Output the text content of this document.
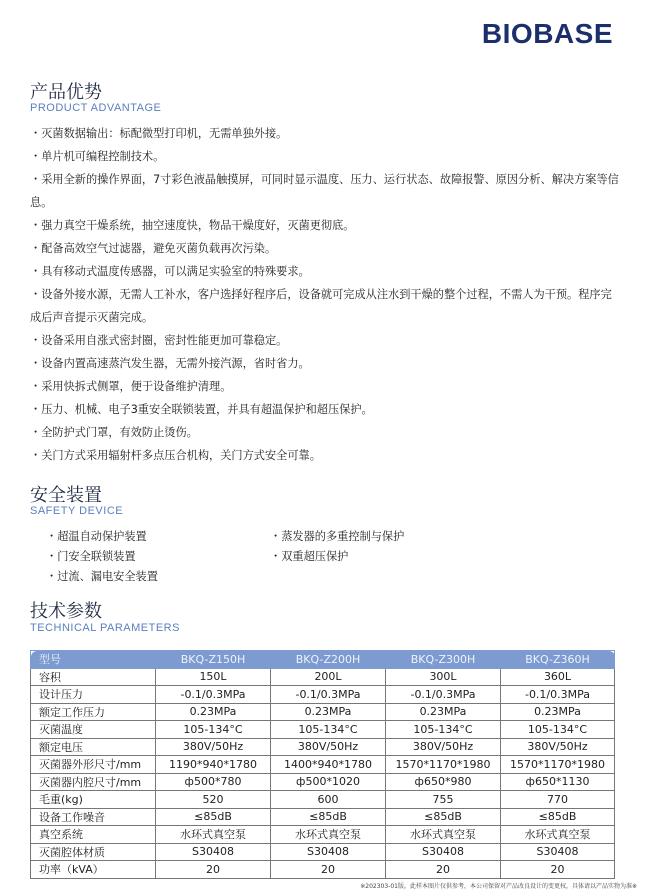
BIOBASE
产品优势
PRODUCT ADVANTAGE

・灭菌数据输出：标配微型打印机，无需单独外接。

・单片机可编程控制技术。

・采用全新的操作界面，7寸彩色液晶触摸屏，可同时显示温度、压力、运行状态、故障报警、原因分析、解决方案等信息。

・强力真空干燥系统，抽空速度快，物品干燥度好，灭菌更彻底。

・配备高效空气过滤器，避免灭菌负载再次污染。

・具有移动式温度传感器，可以满足实验室的特殊要求。

・设备外接水源，无需人工补水，客户选择好程序后，设备就可完成从注水到干燥的整个过程，不需人为干预。程序完成后声音提示灭菌完成。

・设备采用自涨式密封圈，密封性能更加可靠稳定。

・设备内置高速蒸汽发生器，无需外接汽源，省时省力。

・采用快拆式侧罩，便于设备维护清理。

・压力、机械、电子3重安全联锁装置，并具有超温保护和超压保护。

・全防护式门罩，有效防止烫伤。

・关门方式采用辐射杆多点压合机构，关门方式安全可靠。

安全装置
SAFETY DEVICE
・超温自动保护装置
・门安全联锁装置
・过流、漏电安全装置
・蒸发器的多重控制与保护
・双重超压保护
技术参数
TECHNICAL PARAMETERS
型号	BKQ-Z150H	BKQ-Z200H	BKQ-Z300H	BKQ-Z360H
容积	150L	200L	300L	360L
设计压力	-0.1/0.3MPa	-0.1/0.3MPa	-0.1/0.3MPa	-0.1/0.3MPa
额定工作压力	0.23MPa	0.23MPa	0.23MPa	0.23MPa
灭菌温度	105-134°C	105-134°C	105-134°C	105-134°C
额定电压	380V/50Hz	380V/50Hz	380V/50Hz	380V/50Hz
灭菌器外形尺寸/mm	1190*940*1780	1400*940*1780	1570*1170*1980	1570*1170*1980
灭菌器内腔尺寸/mm	ф500*780	ф500*1020	ф650*980	ф650*1130
毛重(kg)	520	600	755	770
设备工作噪音	≤85dB	≤85dB	≤85dB	≤85dB
真空系统	水环式真空泵	水环式真空泵	水环式真空泵	水环式真空泵
灭菌腔体材质	S30408	S30408	S30408	S30408
功率（kVA）	20	20	20	20
※202303-01版。此样本图片仅供参考，本公司保留对产品改良设计的变更权，具体请以产品实物为准※
